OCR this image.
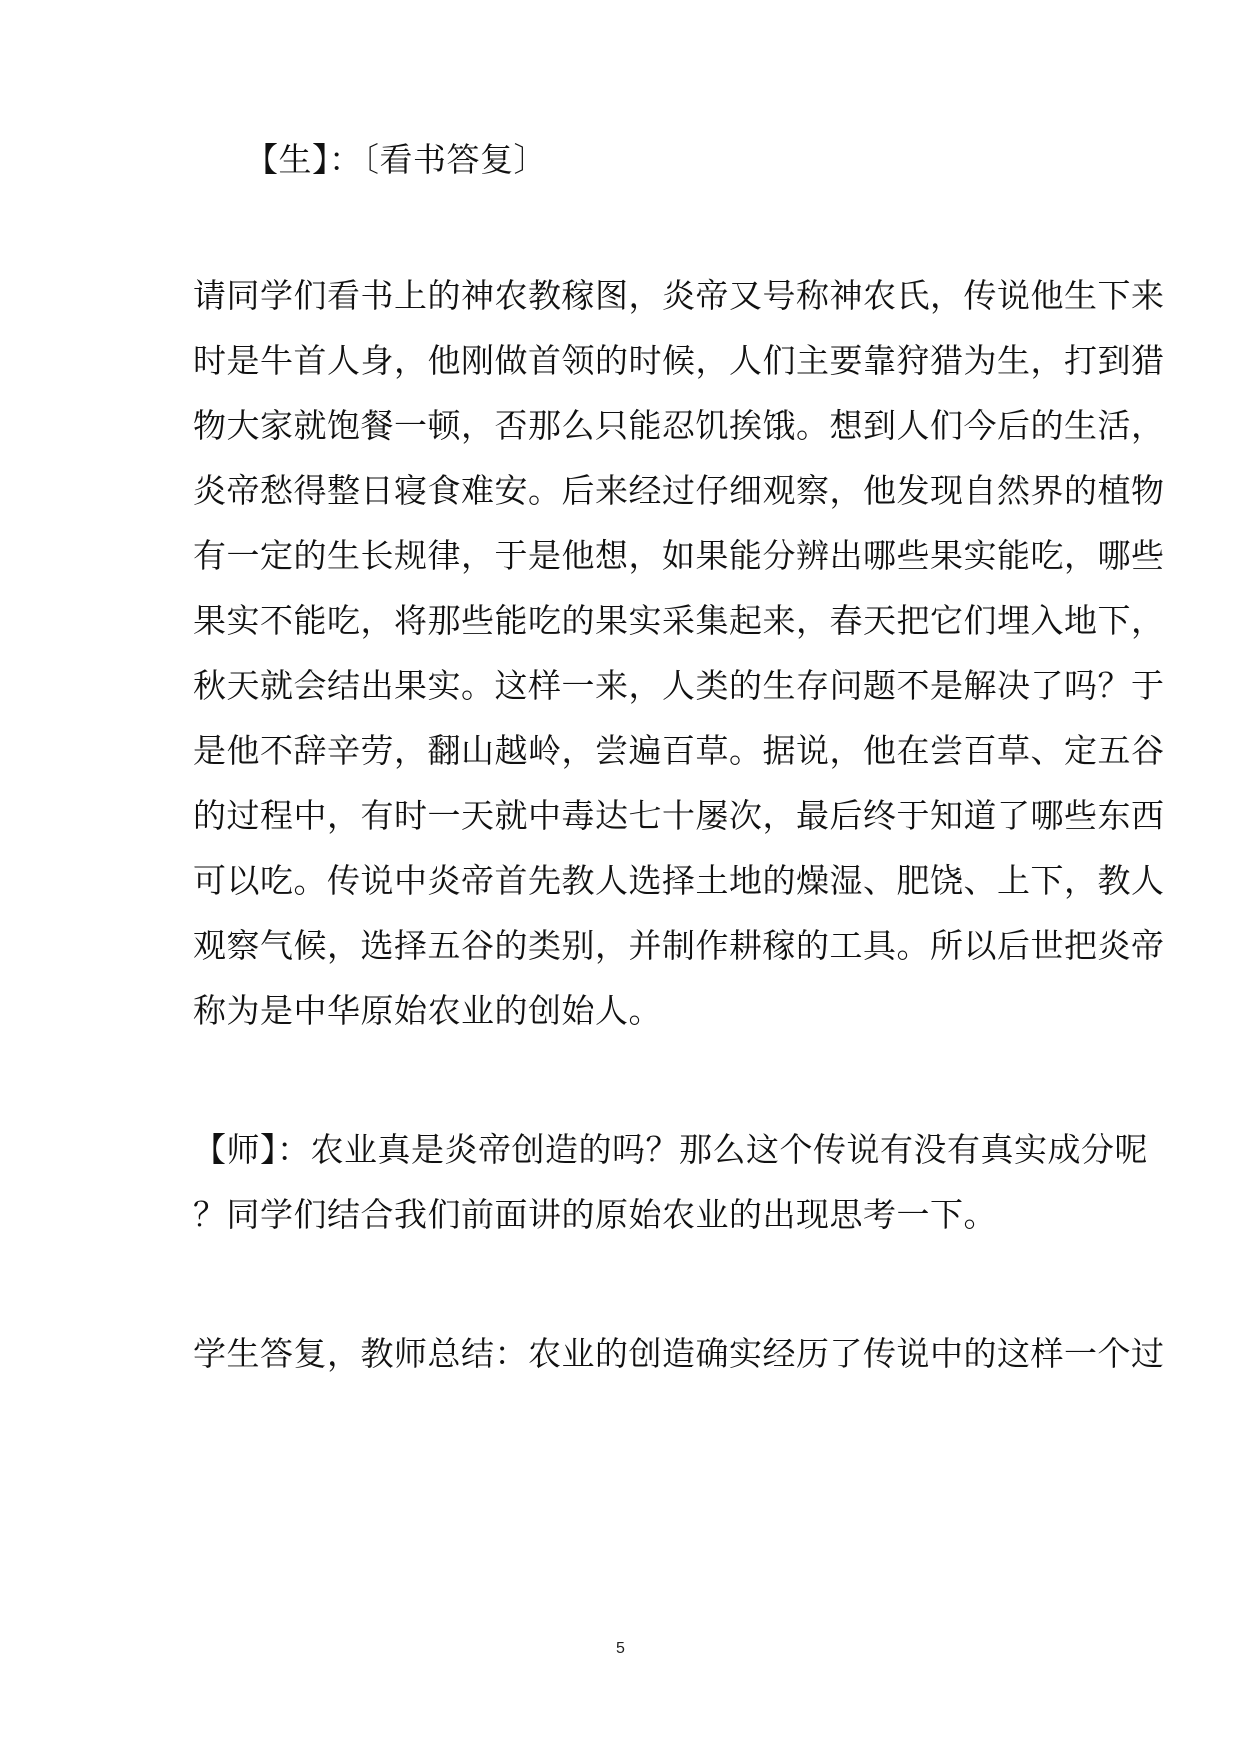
【生】：〔看书答复〕
请同学们看书上的神农教稼图，炎帝又号称神农氏，传说他生下来
时是牛首人身，他刚做首领的时候，人们主要靠狩猎为生，打到猎
物大家就饱餐一顿，否那么只能忍饥挨饿。想到人们今后的生活，
炎帝愁得整日寝食难安。后来经过仔细观察，他发现自然界的植物
有一定的生长规律，于是他想，如果能分辨出哪些果实能吃，哪些
果实不能吃，将那些能吃的果实采集起来，春天把它们埋入地下，
秋天就会结出果实。这样一来，人类的生存问题不是解决了吗？于
是他不辞辛劳，翻山越岭，尝遍百草。据说，他在尝百草、定五谷
的过程中，有时一天就中毒达七十屡次，最后终于知道了哪些东西
可以吃。传说中炎帝首先教人选择土地的燥湿、肥饶、上下，教人
观察气候，选择五谷的类别，并制作耕稼的工具。所以后世把炎帝
称为是中华原始农业的创始人。
【师】：农业真是炎帝创造的吗？那么这个传说有没有真实成分呢
？同学们结合我们前面讲的原始农业的出现思考一下。
学生答复，教师总结：农业的创造确实经历了传说中的这样一个过
5
